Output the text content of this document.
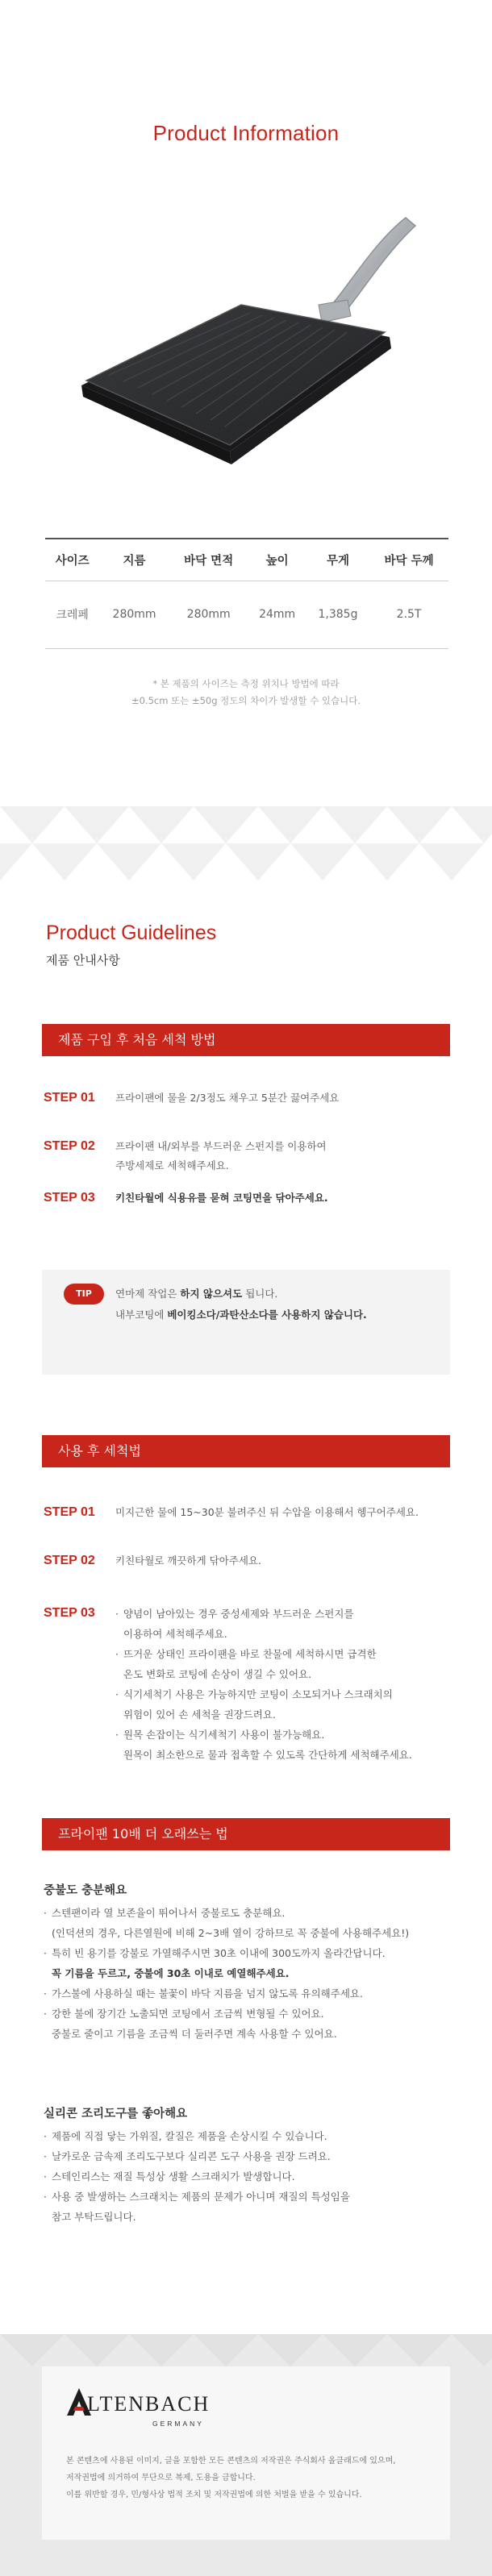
Product Information
사이즈	지름	바닥 면적	높이	무게	바닥 두께
크레페	280mm	280mm	24mm	1,385g	2.5T
* 본 제품의 사이즈는 측정 위치나 방법에 따라
±0.5cm 또는 ±50g 정도의 차이가 발생할 수 있습니다.
Product Guidelines
제품 안내사항
제품 구입 후 처음 세척 방법
STEP 01 프라이팬에 물을 2/3정도 채우고 5분간 끓여주세요
STEP 02 프라이팬 내/외부를 부드러운 스펀지를 이용하여
주방세제로 세척해주세요.
STEP 03 키친타월에 식용유를 묻혀 코팅면을 닦아주세요.
TIP	연마제 작업은 하지 않으셔도 됩니다.
내부코팅에 베이킹소다/과탄산소다를 사용하지 않습니다.
사용 후 세척법
STEP 01 미지근한 물에 15~30분 불려주신 뒤 수압을 이용해서 헹구어주세요.
STEP 02 키친타월로 깨끗하게 닦아주세요.
STEP 03	· 양념이 남아있는 경우 중성세제와 부드러운 스펀지를
이용하여 세척해주세요.
· 뜨거운 상태인 프라이팬을 바로 찬물에 세척하시면 급격한
온도 변화로 코팅에 손상이 생길 수 있어요.
· 식기세척기 사용은 가능하지만 코팅이 소모되거나 스크래치의
위험이 있어 손 세척을 권장드려요.
· 원목 손잡이는 식기세척기 사용이 불가능해요.
원목이 최소한으로 물과 접촉할 수 있도록 간단하게 세척해주세요.
프라이팬 10배 더 오래쓰는 법
중불도 충분해요
· 스텐팬이라 열 보존율이 뛰어나서 중불로도 충분해요.
(인덕션의 경우, 다른열원에 비해 2~3배 열이 강하므로 꼭 중불에 사용해주세요!)
· 특히 빈 용기를 강불로 가열해주시면 30초 이내에 300도까지 올라간답니다.
꼭 기름을 두르고, 중불에 30초 이내로 예열해주세요.
· 가스불에 사용하실 때는 불꽃이 바닥 지름을 넘지 않도록 유의해주세요.
· 강한 불에 장기간 노출되면 코팅에서 조금씩 변형될 수 있어요.
중불로 줄이고 기름을 조금씩 더 둘러주면 계속 사용할 수 있어요.
실리콘 조리도구를 좋아해요
· 제품에 직접 닿는 가위질, 칼질은 제품을 손상시킬 수 있습니다.
· 날카로운 금속제 조리도구보다 실리콘 도구 사용을 권장 드려요.
· 스테인리스는 재질 특성상 생활 스크래치가 발생합니다.
· 사용 중 발생하는 스크래치는 제품의 문제가 아니며 재질의 특성임을
참고 부탁드립니다.
LTENBACH
GERMANY
본 콘텐츠에 사용된 이미지, 글을 포함한 모든 콘텐츠의 저작권은 주식회사 올클래드에 있으며,
저작권법에 의거하여 무단으로 복제, 도용을 금합니다.
이를 위반할 경우, 민/형사상 법적 조치 및 저작권법에 의한 처벌을 받을 수 있습니다.
